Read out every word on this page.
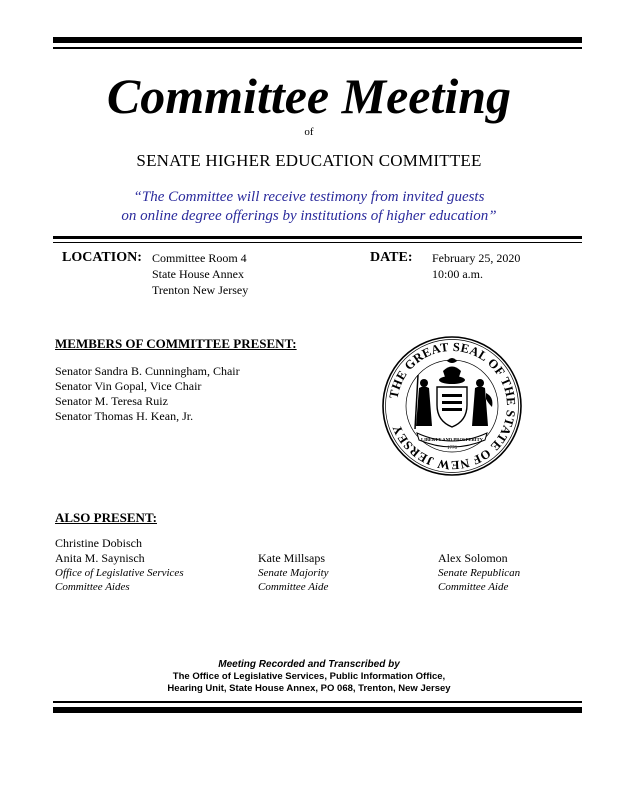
Committee Meeting
of
SENATE HIGHER EDUCATION COMMITTEE
“The Committee will receive testimony from invited guests
on online degree offerings by institutions of higher education”
LOCATION: Committee Room 4
State House Annex
Trenton New Jersey
DATE: February 25, 2020
10:00 a.m.
MEMBERS OF COMMITTEE PRESENT:
Senator Sandra B. Cunningham, Chair
Senator Vin Gopal, Vice Chair
Senator M. Teresa Ruiz
Senator Thomas H. Kean, Jr.
THE GREAT SEAL OF THE STATE OF NEW JERSEY
LIBERTY AND PROSPERITY
1776
ALSO PRESENT:
Christine Dobisch
Anita M. Saynisch
Office of Legislative Services
Committee Aides
Kate Millsaps
Senate Majority
Committee Aide
Alex Solomon
Senate Republican
Committee Aide
Meeting Recorded and Transcribed by
The Office of Legislative Services, Public Information Office,
Hearing Unit, State House Annex, PO 068, Trenton, New Jersey
